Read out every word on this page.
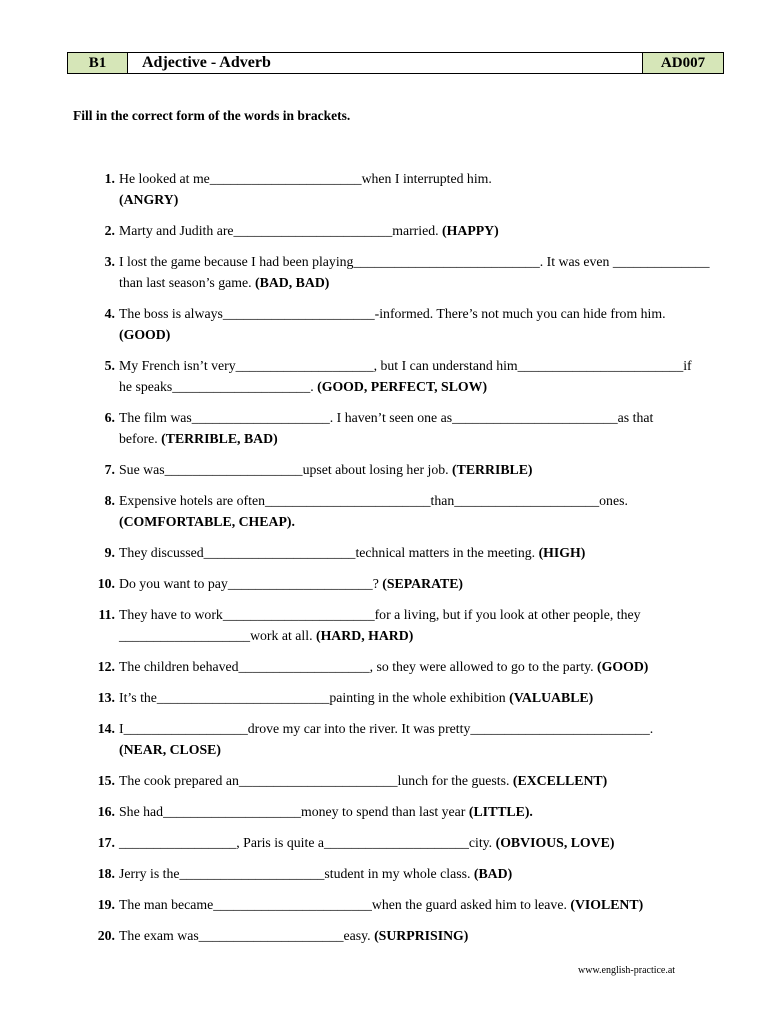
B1	Adjective - Adverb	AD007
Fill in the correct form of the words in brackets.
1. He looked at me______________________when I interrupted him.
(ANGRY)
2. Marty and Judith are_______________________married. (HAPPY)
3. I lost the game because I had been playing___________________________. It was even ______________
than last season’s game. (BAD, BAD)
4. The boss is always______________________-informed. There’s not much you can hide from him.
(GOOD)
5. My French isn’t very____________________, but I can understand him________________________if
he speaks____________________. (GOOD, PERFECT, SLOW)
6. The film was____________________. I haven’t seen one as________________________as that
before. (TERRIBLE, BAD)
7. Sue was____________________upset about losing her job. (TERRIBLE)
8. Expensive hotels are often________________________than_____________________ones.
(COMFORTABLE, CHEAP).
9. They discussed______________________technical matters in the meeting. (HIGH)
10. Do you want to pay_____________________? (SEPARATE)
11. They have to work______________________for a living, but if you look at other people, they
___________________work at all. (HARD, HARD)
12. The children behaved___________________, so they were allowed to go to the party. (GOOD)
13. It’s the_________________________painting in the whole exhibition (VALUABLE)
14. I__________________drove my car into the river. It was pretty__________________________.
(NEAR, CLOSE)
15. The cook prepared an_______________________lunch for the guests. (EXCELLENT)
16. She had____________________money to spend than last year (LITTLE).
17. _________________, Paris is quite a_____________________city. (OBVIOUS, LOVE)
18. Jerry is the_____________________student in my whole class. (BAD)
19. The man became_______________________when the guard asked him to leave. (VIOLENT)
20. The exam was_____________________easy. (SURPRISING)
www.english-practice.at
